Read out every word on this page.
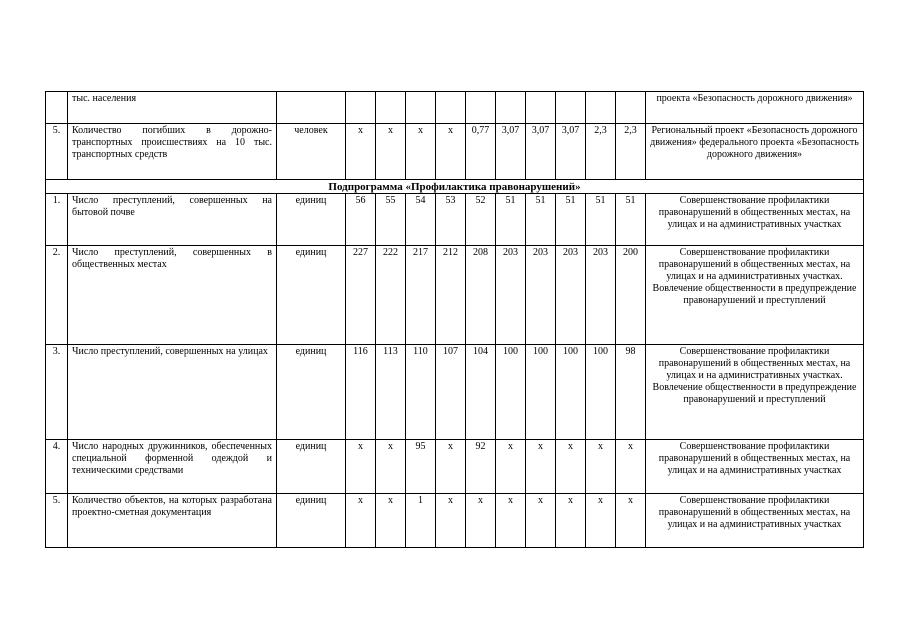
	тыс. населения												проекта «Безопасность дорожного движения»
5.	Количество погибших в дорожно-транспортных происшествиях на 10 тыс. транспортных средств	человек	х	х	х	х	0,77	3,07	3,07	3,07	2,3	2,3	Региональный проект «Безопасность дорожного движения» федерального проекта «Безопасность дорожного движения»
Подпрограмма «Профилактика правонарушений»													
1.	Число преступлений, совершенных на бытовой почве	единиц	56	55	54	53	52	51	51	51	51	51	Совершенствование профилактики правонарушений в общественных местах, на улицах и на административных участках
2.	Число преступлений, совершенных в общественных местах	единиц	227	222	217	212	208	203	203	203	203	200	Совершенствование профилактики правонарушений в общественных местах, на улицах и на административных участках. Вовлечение общественности в предупреждение правонарушений и преступлений
3.	Число преступлений, совершенных на улицах	единиц	116	113	110	107	104	100	100	100	100	98	Совершенствование профилактики правонарушений в общественных местах, на улицах и на административных участках. Вовлечение общественности в предупреждение правонарушений и преступлений
4.	Число народных дружинников, обеспеченных специальной форменной одеждой и техническими средствами	единиц	х	х	95	х	92	х	х	х	х	х	Совершенствование профилактики правонарушений в общественных местах, на улицах и на административных участках
5.	Количество объектов, на которых разработана проектно-сметная документация	единиц	х	х	1	х	х	х	х	х	х	х	Совершенствование профилактики правонарушений в общественных местах, на улицах и на административных участках
